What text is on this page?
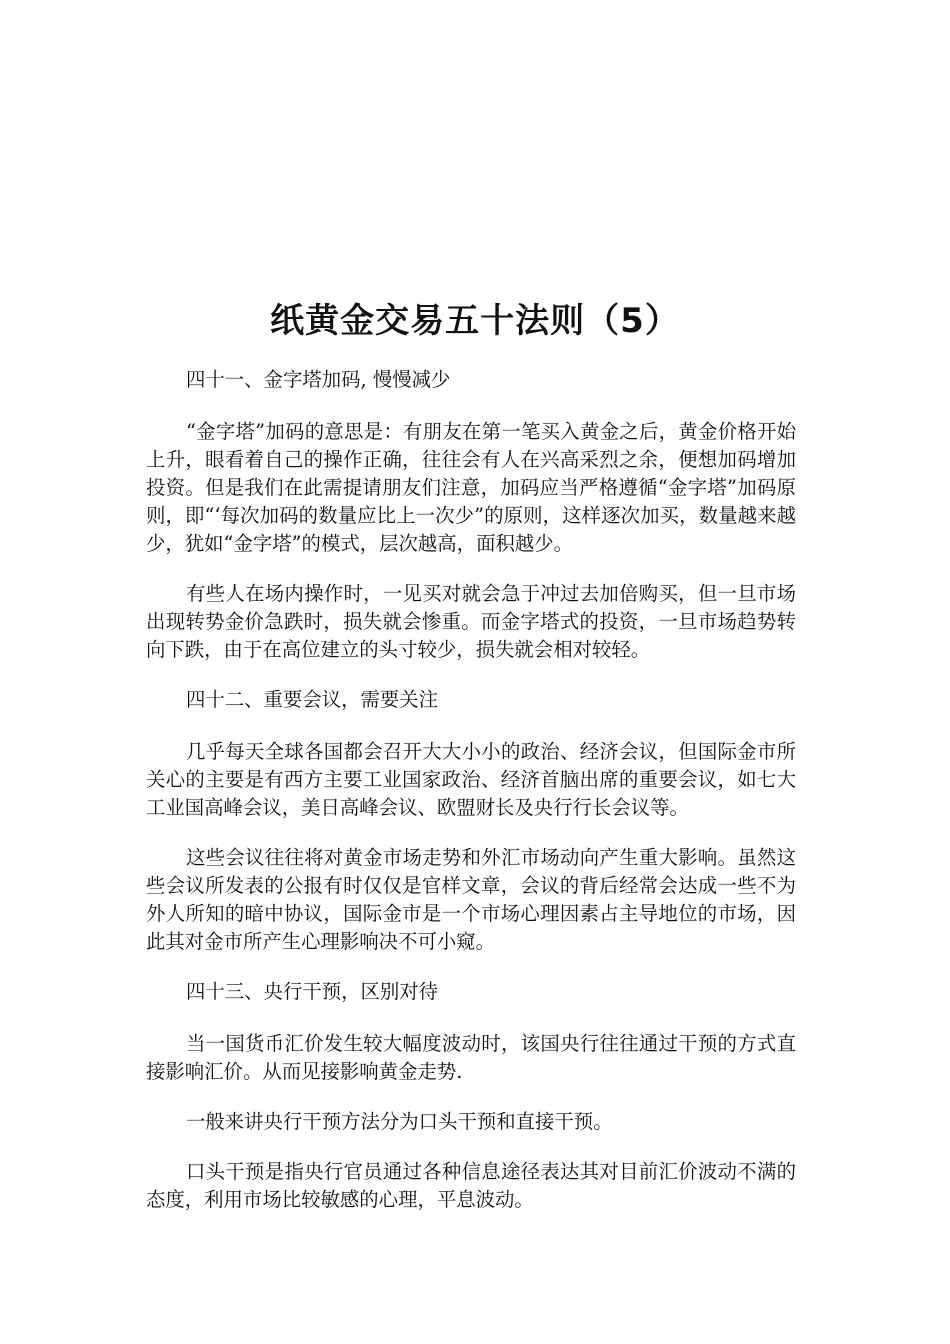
纸黄金交易五十法则（5）

四十一、金字塔加码, 慢慢减少

“金字塔”加码的意思是：有朋友在第一笔买入黄金之后，黄金价格开始上升，眼看着自己的操作正确，往往会有人在兴高采烈之余，便想加码增加投资。但是我们在此需提请朋友们注意，加码应当严格遵循“金字塔”加码原则，即“‘每次加码的数量应比上一次少”的原则，这样逐次加买，数量越来越少，犹如“金字塔”的模式，层次越高，面积越少。

有些人在场内操作时，一见买对就会急于冲过去加倍购买，但一旦市场出现转势金价急跌时，损失就会惨重。而金字塔式的投资，一旦市场趋势转向下跌，由于在高位建立的头寸较少，损失就会相对较轻。

四十二、重要会议，需要关注

几乎每天全球各国都会召开大大小小的政治、经济会议，但国际金市所关心的主要是有西方主要工业国家政治、经济首脑出席的重要会议，如七大工业国高峰会议，美日高峰会议、欧盟财长及央行行长会议等。

这些会议往往将对黄金市场走势和外汇市场动向产生重大影响。虽然这些会议所发表的公报有时仅仅是官样文章，会议的背后经常会达成一些不为外人所知的暗中协议，国际金市是一个市场心理因素占主导地位的市场，因此其对金市所产生心理影响决不可小窥。

四十三、央行干预，区别对待

当一国货币汇价发生较大幅度波动时，该国央行往往通过干预的方式直接影响汇价。从而见接影响黄金走势.

一般来讲央行干预方法分为口头干预和直接干预。

口头干预是指央行官员通过各种信息途径表达其对目前汇价波动不满的态度，利用市场比较敏感的心理，平息波动。
